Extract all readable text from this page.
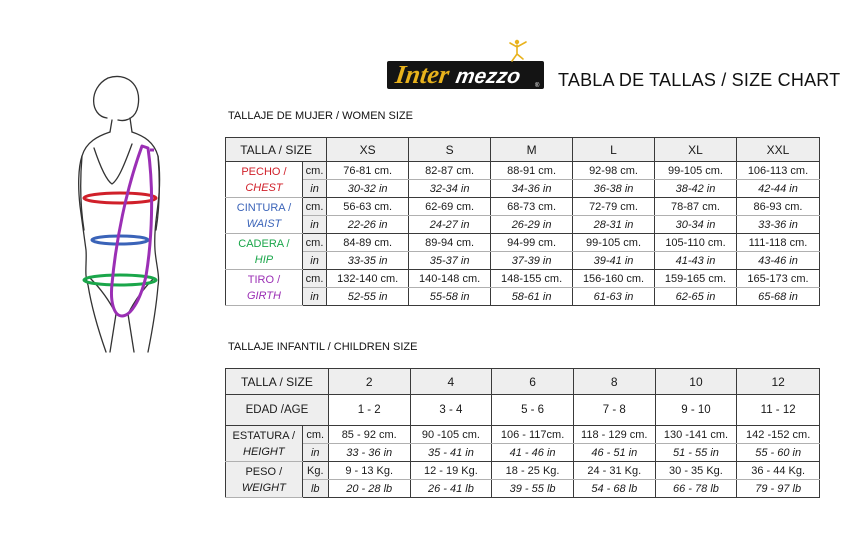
Inter mezzo ® TABLA DE TALLAS / SIZE CHART
TALLAJE DE MUJER / WOMEN SIZE
TALLA / SIZE		XS	S	M	L	XL	XXL

PECHO /
CHEST	cm.	76-81 cm.	82-87 cm.	88-91 cm.	92-98 cm.	99-105 cm.	106-113 cm.
	in	30-32 in	32-34 in	34-36 in	36-38 in	38-42 in	42-44 in

CINTURA /
WAIST	cm.	56-63 cm.	62-69 cm.	68-73 cm.	72-79 cm.	78-87 cm.	86-93 cm.
	in	22-26 in	24-27 in	26-29 in	28-31 in	30-34 in	33-36 in

CADERA /
HIP	cm.	84-89 cm.	89-94 cm.	94-99 cm.	99-105 cm.	105-110 cm.	111-118 cm.
	in	33-35 in	35-37 in	37-39 in	39-41 in	41-43 in	43-46 in

TIRO /
GIRTH	cm.	132-140 cm.	140-148 cm.	148-155 cm.	156-160 cm.	159-165 cm.	165-173 cm.
	in	52-55 in	55-58 in	58-61 in	61-63 in	62-65 in	65-68 in
TALLAJE INFANTIL / CHILDREN SIZE
TALLA / SIZE		2	4	6	8	10	12
EDAD /AGE		1 - 2	3 - 4	5 - 6	7 - 8	9 - 10	11 - 12

ESTATURA /
HEIGHT	cm.	85 - 92 cm.	90 -105 cm.	106 - 117cm.	118 - 129 cm.	130 -141 cm.	142 -152 cm.
	in	33 - 36 in	35 - 41 in	41 - 46 in	46 - 51 in	51 - 55 in	55 - 60 in

PESO /
WEIGHT	Kg.	9 - 13 Kg.	12 - 19 Kg.	18 - 25 Kg.	24 - 31 Kg.	30 - 35 Kg.	36 - 44 Kg.
	lb	20 - 28 lb	26 - 41 lb	39 - 55 lb	54 - 68 lb	66 - 78 lb	79 - 97 lb
